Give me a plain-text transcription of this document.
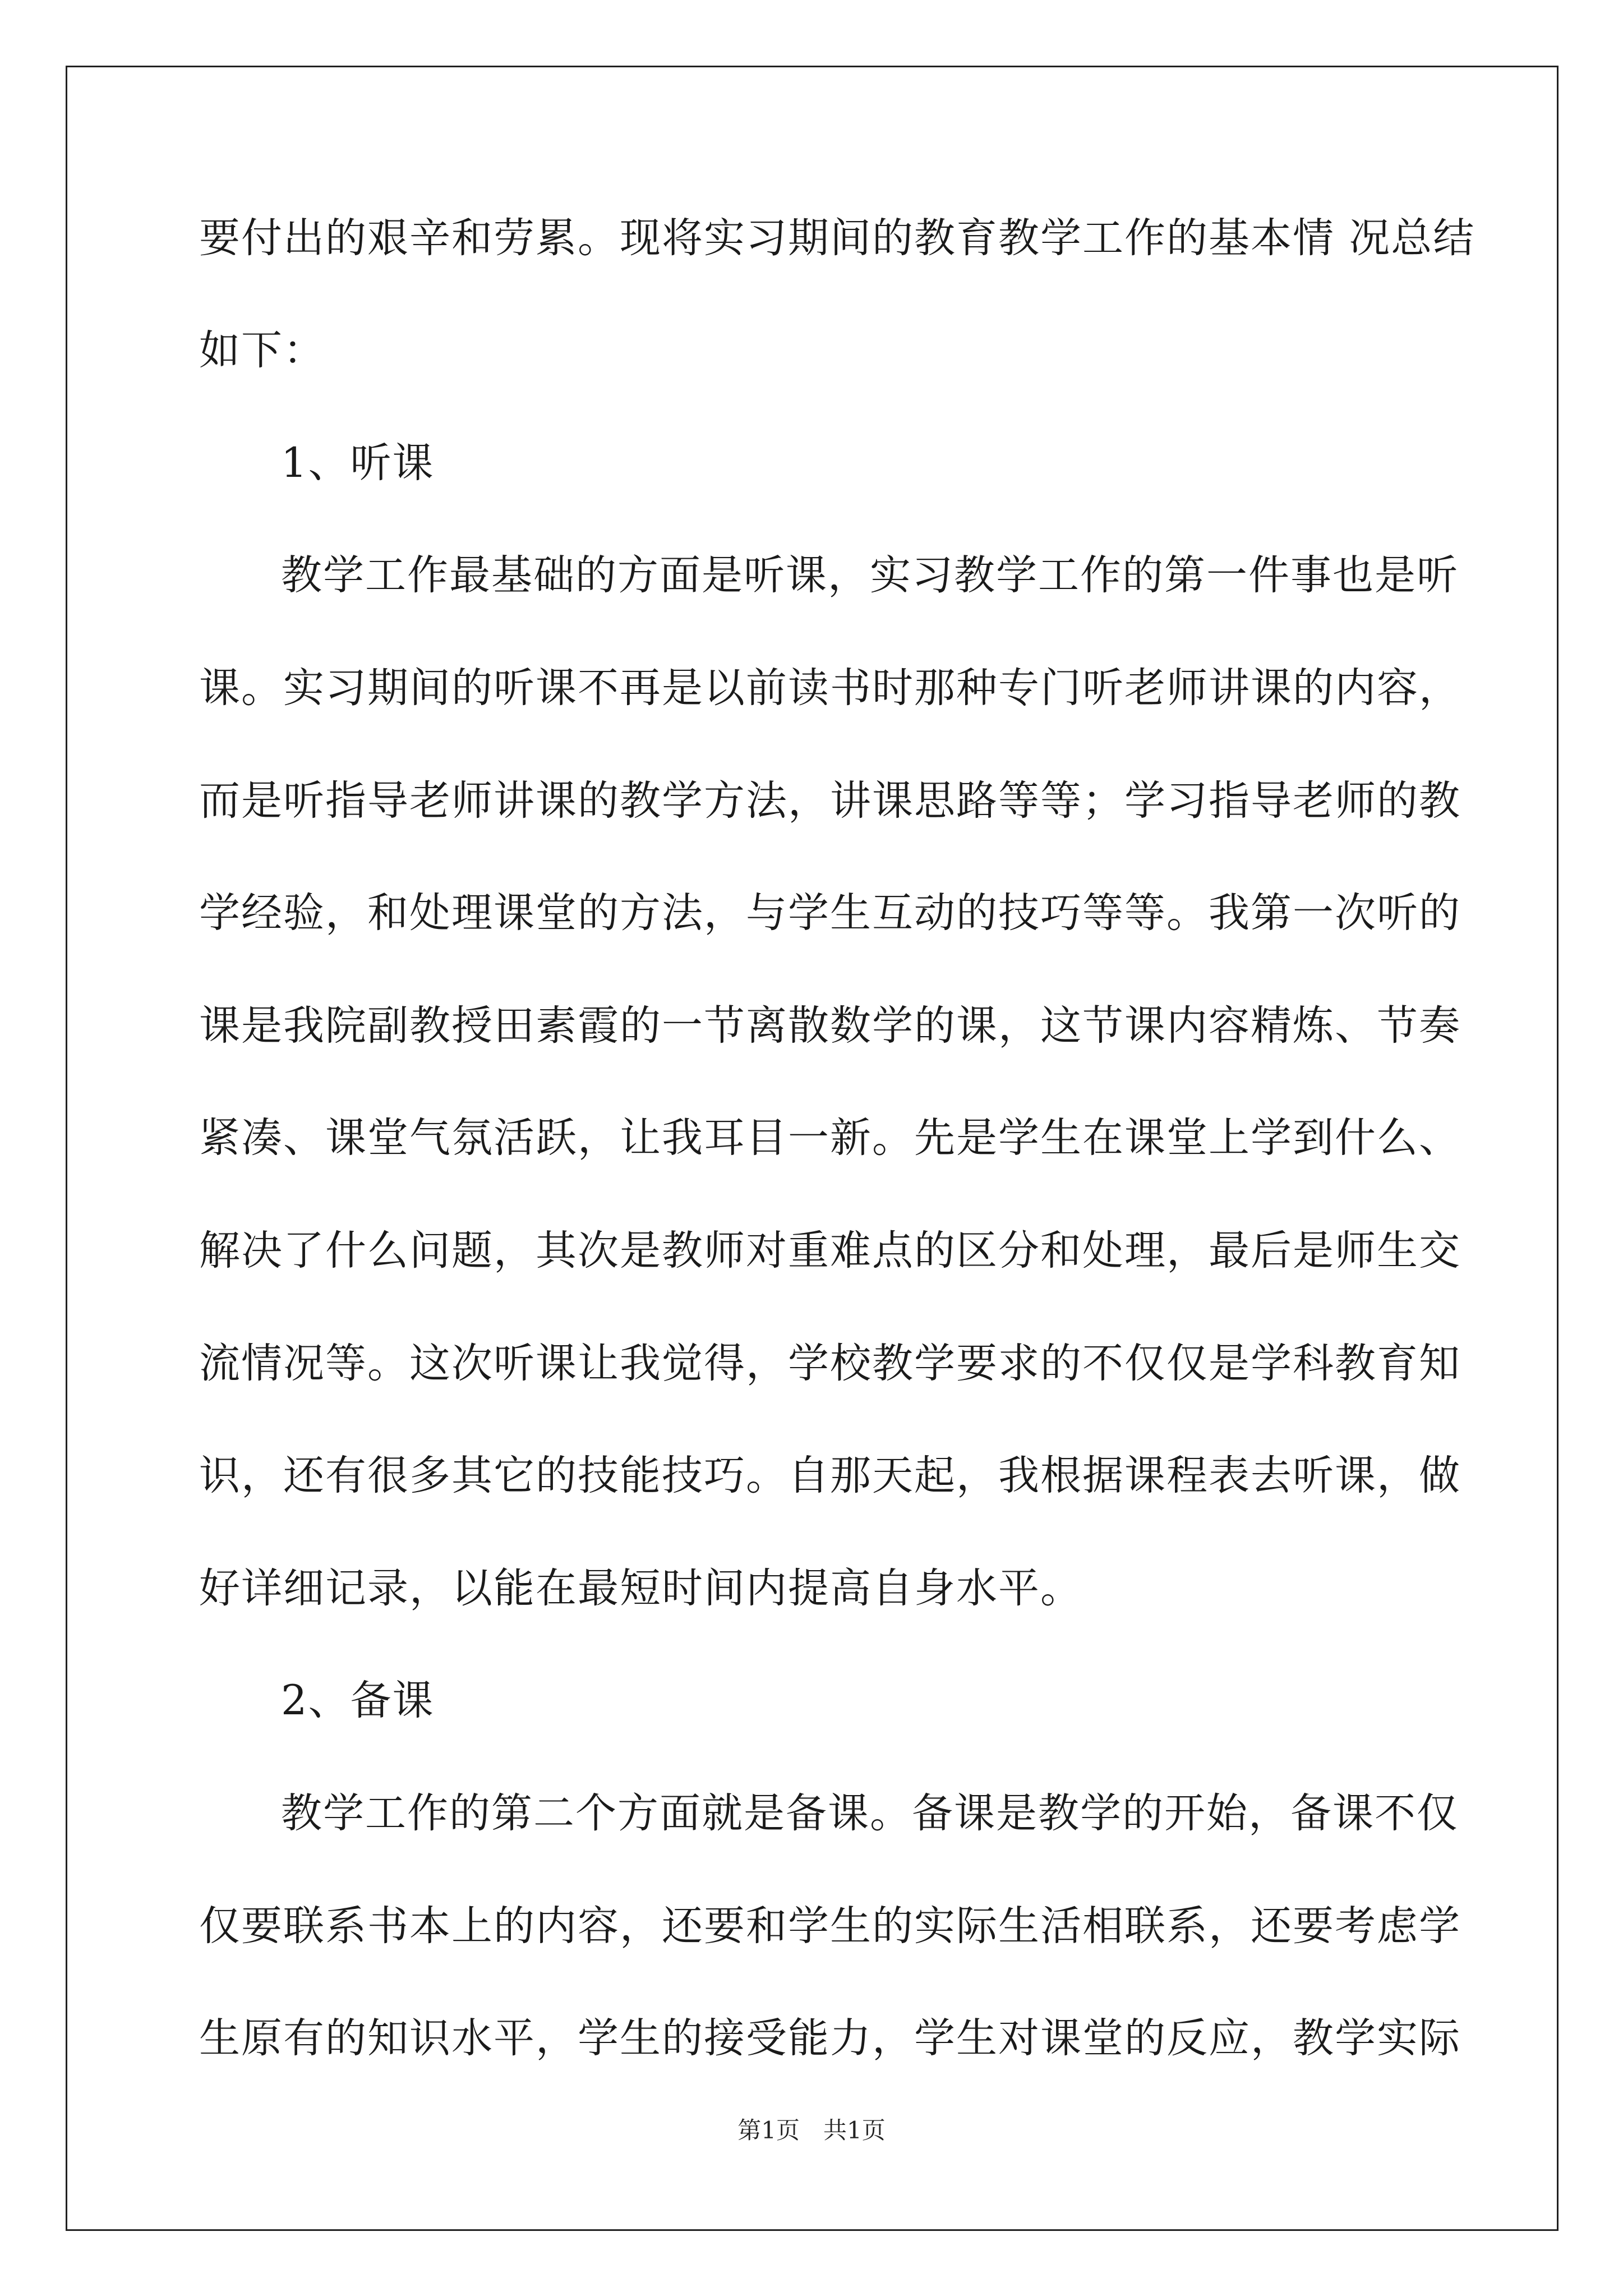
要付出的艰辛和劳累。现将实习期间的教育教学工作的基本情 况总结
如下：
1、听课
教学工作最基础的方面是听课，实习教学工作的第一件事也是听
课。实习期间的听课不再是以前读书时那种专门听老师讲课的内容，
而是听指导老师讲课的教学方法，讲课思路等等；学习指导老师的教
学经验，和处理课堂的方法，与学生互动的技巧等等。我第一次听的
课是我院副教授田素霞的一节离散数学的课，这节课内容精炼、节奏
紧凑、课堂气氛活跃，让我耳目一新。先是学生在课堂上学到什么、
解决了什么问题，其次是教师对重难点的区分和处理，最后是师生交
流情况等。这次听课让我觉得，学校教学要求的不仅仅是学科教育知
识，还有很多其它的技能技巧。自那天起，我根据课程表去听课，做
好详细记录，以能在最短时间内提高自身水平。
2、备课
教学工作的第二个方面就是备课。备课是教学的开始，备课不仅
仅要联系书本上的内容，还要和学生的实际生活相联系，还要考虑学
生原有的知识水平，学生的接受能力，学生对课堂的反应，教学实际
第1页　共1页
